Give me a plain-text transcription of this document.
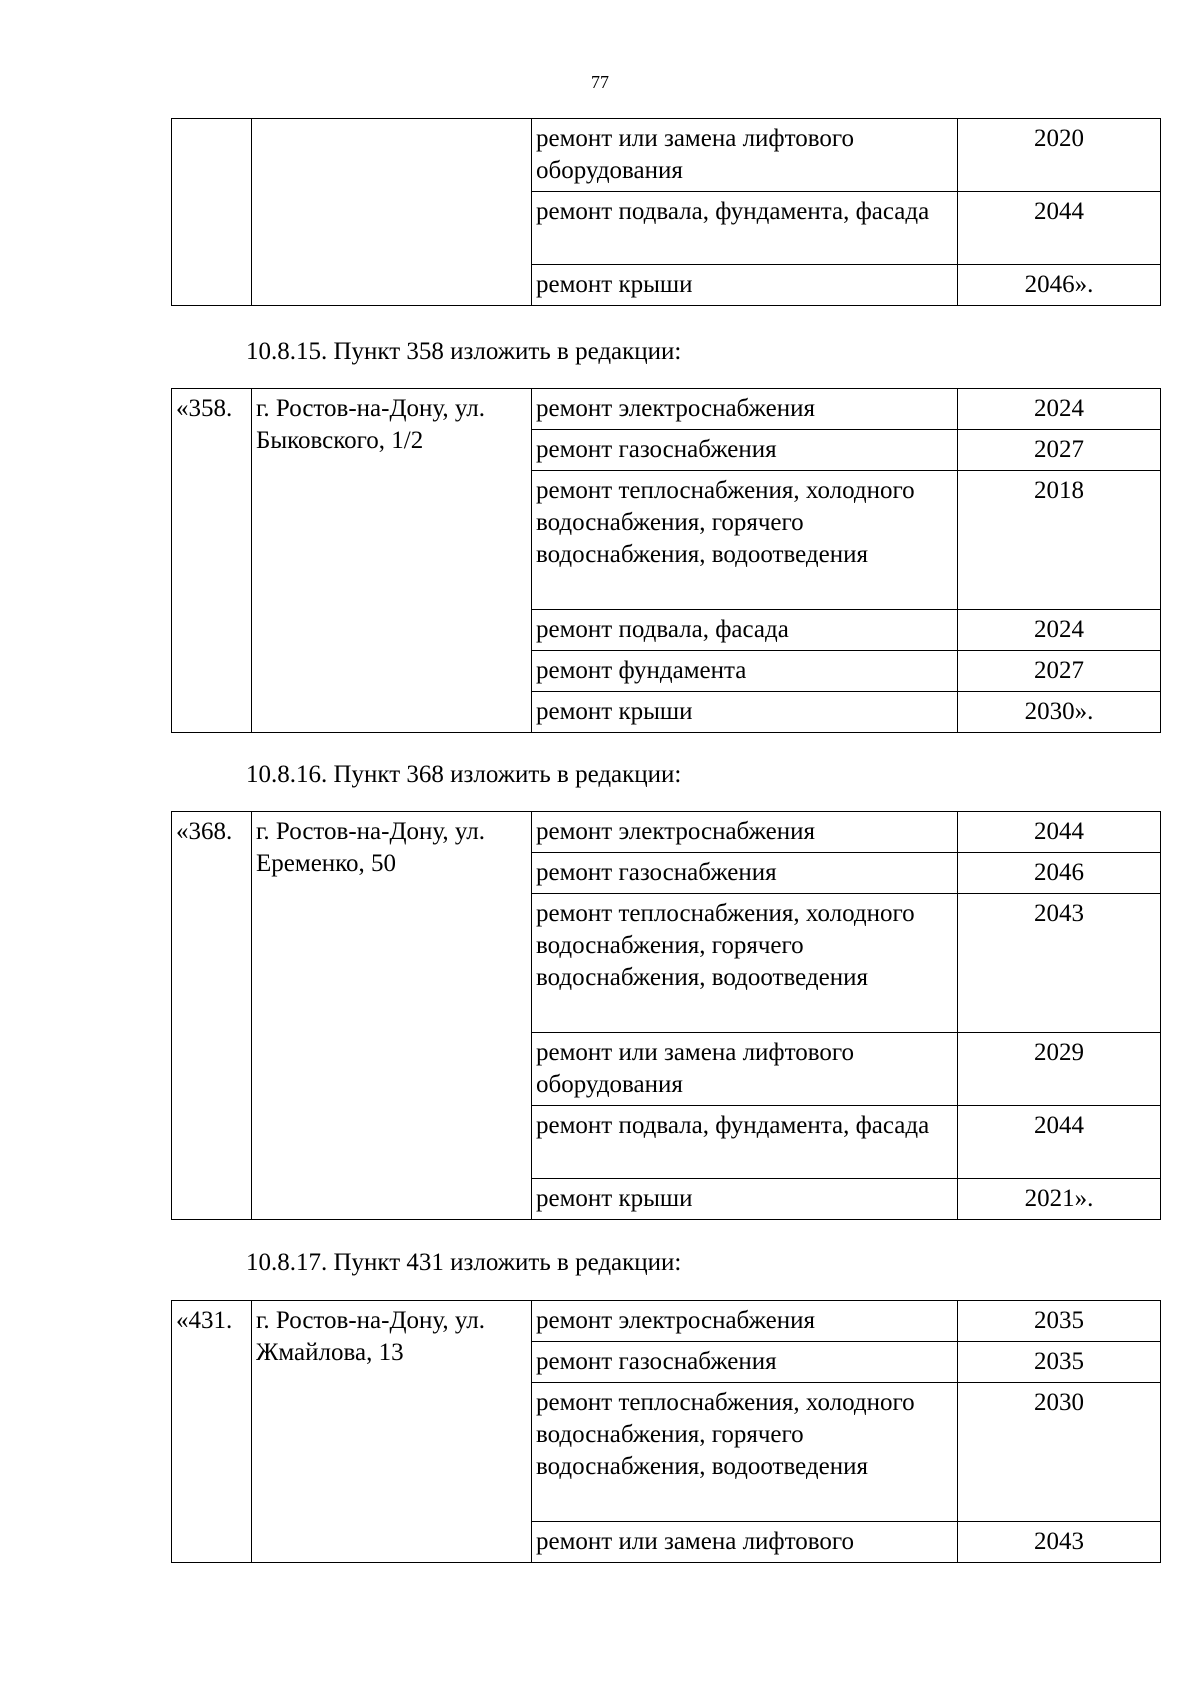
77
		ремонт или замена лифтового оборудования	2020
		ремонт подвала, фундамента, фасада	2044
		ремонт крыши	2046».
10.8.15. Пункт 358 изложить в редакции:
«358.	г. Ростов-на-Дону, ул. Быковского, 1/2	ремонт электроснабжения	2024
		ремонт газоснабжения	2027
		ремонт теплоснабжения, холодного водоснабжения, горячего водоснабжения, водоотведения	2018
		ремонт подвала, фасада	2024
		ремонт фундамента	2027
		ремонт крыши	2030».
10.8.16. Пункт 368 изложить в редакции:
«368.	г. Ростов-на-Дону, ул. Еременко, 50	ремонт электроснабжения	2044
		ремонт газоснабжения	2046
		ремонт теплоснабжения, холодного водоснабжения, горячего водоснабжения, водоотведения	2043
		ремонт или замена лифтового оборудования	2029
		ремонт подвала, фундамента, фасада	2044
		ремонт крыши	2021».
10.8.17. Пункт 431 изложить в редакции:
«431.	г. Ростов-на-Дону, ул. Жмайлова, 13	ремонт электроснабжения	2035
		ремонт газоснабжения	2035
		ремонт теплоснабжения, холодного водоснабжения, горячего водоснабжения, водоотведения	2030
		ремонт или замена лифтового	2043
